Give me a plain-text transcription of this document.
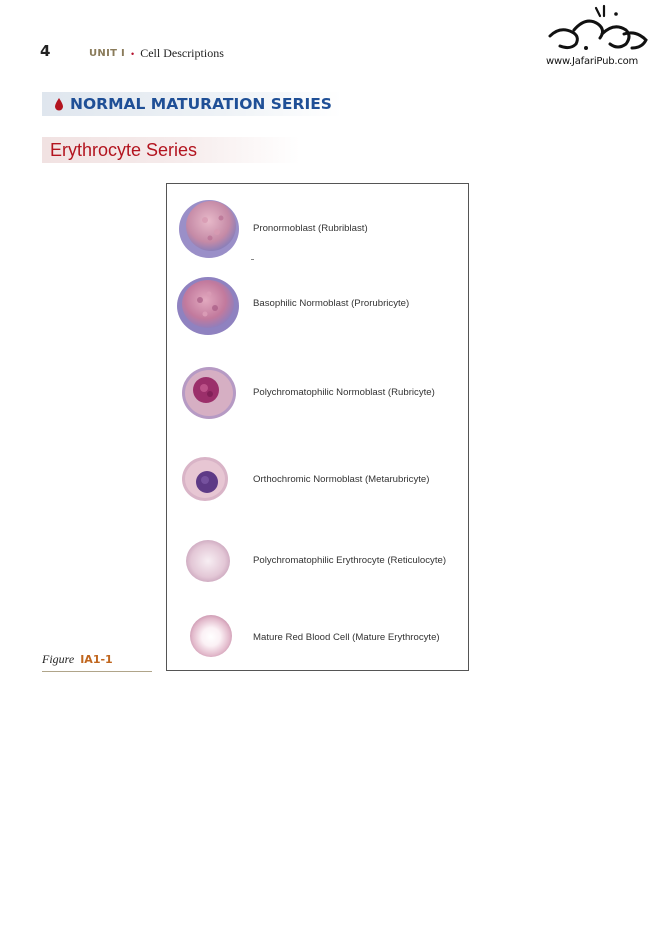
4	UNIT I • Cell Descriptions
www.JafariPub.com
NORMAL MATURATION SERIES
Erythrocyte Series
Pronormoblast (Rubriblast)
Basophilic Normoblast (Prorubricyte)
Polychromatophilic Normoblast (Rubricyte)
Orthochromic Normoblast (Metarubricyte)
Polychromatophilic Erythrocyte (Reticulocyte)
Mature Red Blood Cell (Mature Erythrocyte)
Figure IA1-1
